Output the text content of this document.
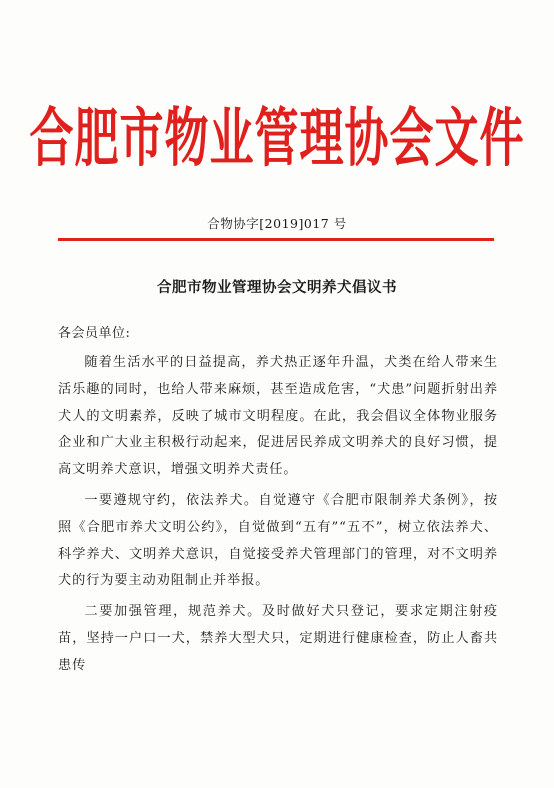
合肥市物业管理协会文件
合物协字[2019]017 号
合肥市物业管理协会文明养犬倡议书
各会员单位:

随着生活水平的日益提高，养犬热正逐年升温，犬类在给人带来生活乐趣的同时，也给人带来麻烦，甚至造成危害，“犬患”问题折射出养犬人的文明素养，反映了城市文明程度。在此，我会倡议全体物业服务企业和广大业主积极行动起来，促进居民养成文明养犬的良好习惯，提高文明养犬意识，增强文明养犬责任。

一要遵规守约，依法养犬。自觉遵守《合肥市限制养犬条例》，按照《合肥市养犬文明公约》，自觉做到“五有”“五不”，树立依法养犬、科学养犬、文明养犬意识，自觉接受养犬管理部门的管理，对不文明养犬的行为要主动劝阻制止并举报。

二要加强管理，规范养犬。及时做好犬只登记，要求定期注射疫苗，坚持一户口一犬，禁养大型犬只，定期进行健康检查，防止人畜共患传
